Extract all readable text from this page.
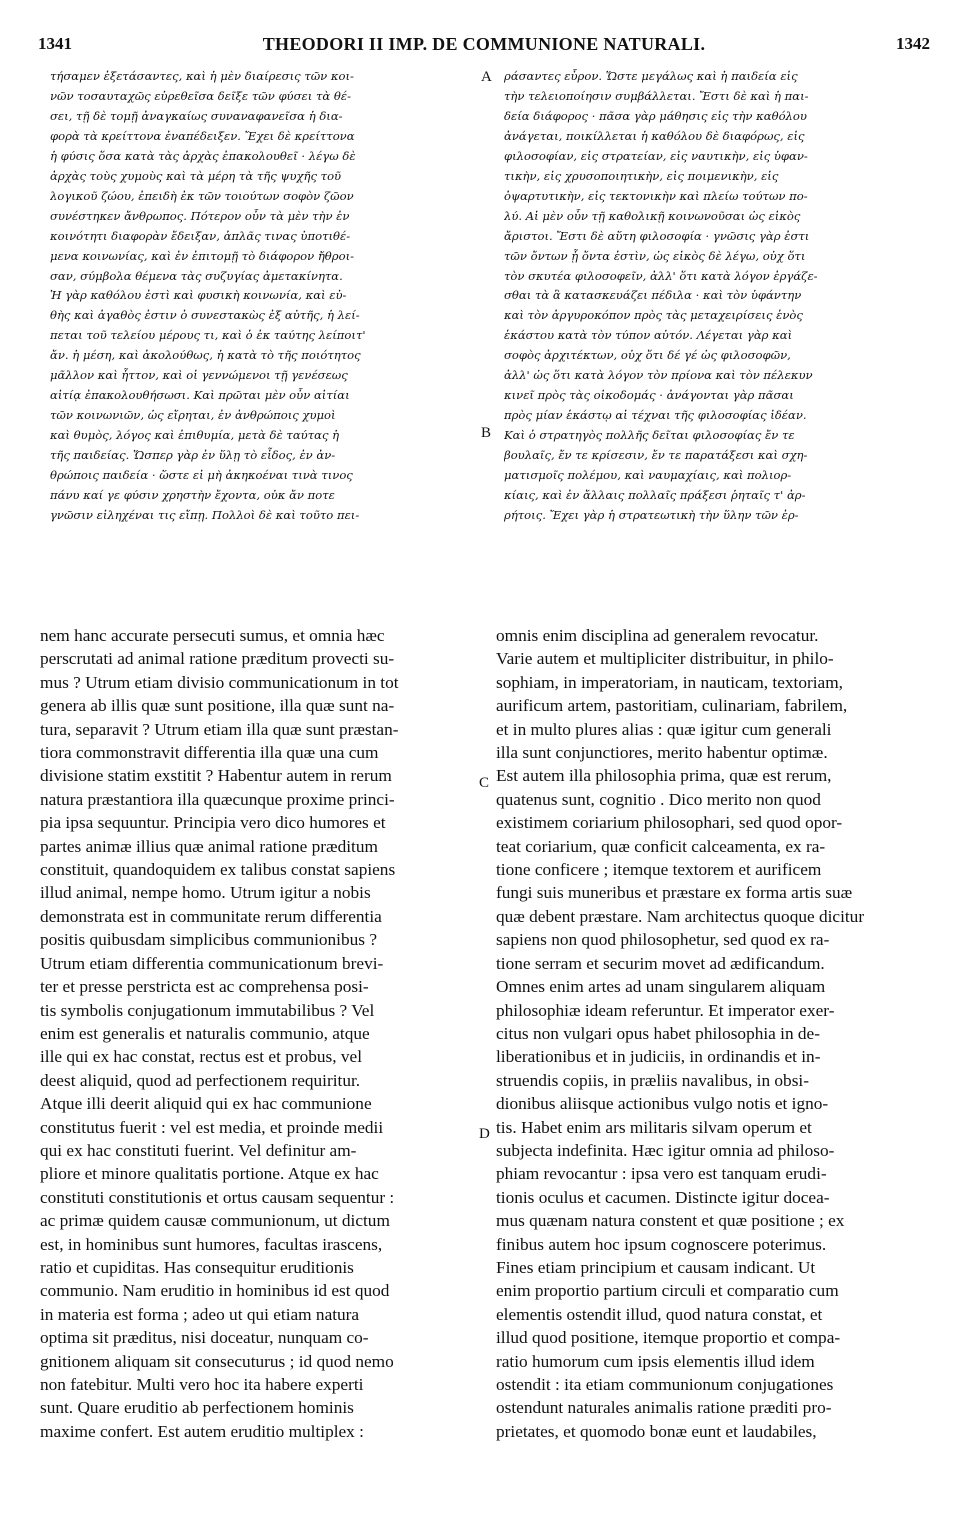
1341	THEODORI II IMP. DE COMMUNIONE NATURALI.	1342
τήσαμεν ἐξετάσαντες, καὶ ἡ μὲν διαίρεσις τῶν κοι-
νῶν τοσαυταχῶς εὑρεθεῖσα δεῖξε τῶν φύσει τὰ θέ-
σει, τῇ δὲ τομῇ ἀναγκαίως συναναφανεῖσα ἡ δια-
φορὰ τὰ κρείττονα ἐναπέδειξεν. Ἔχει δὲ κρείττονα
ἡ φύσις ὅσα κατὰ τὰς ἀρχὰς ἐπακολουθεῖ · λέγω δὲ
ἀρχὰς τοὺς χυμοὺς καὶ τὰ μέρη τὰ τῆς ψυχῆς τοῦ
λογικοῦ ζώου, ἐπειδὴ ἐκ τῶν τοιούτων σοφὸν ζῶον
συνέστηκεν ἄνθρωπος. Πότερον οὖν τὰ μὲν τὴν ἐν
κοινότητι διαφορὰν ἔδειξαν, ἁπλᾶς τινας ὑποτιθέ-
μενα κοινωνίας, καὶ ἐν ἐπιτομῇ τὸ διάφορον ἤθροι-
σαν, σύμβολα θέμενα τὰς συζυγίας ἀμετακίνητα.
Ἡ γὰρ καθόλου ἐστὶ καὶ φυσικὴ κοινωνία, καὶ εὐ-
θὴς καὶ ἀγαθὸς ἐστιν ὁ συνεστακὼς ἐξ αὐτῆς, ἡ λεί-
πεται τοῦ τελείου μέρους τι, καὶ ὁ ἐκ ταύτης λείποιτ'
ἄν. ἡ μέση, καὶ ἀκολούθως, ἡ κατὰ τὸ τῆς ποιότητος
μᾶλλον καὶ ἧττον, καὶ οἱ γεννώμενοι τῇ γενέσεως
αἰτίᾳ ἐπακολουθήσωσι. Καὶ πρῶται μὲν οὖν αἰτίαι
τῶν κοινωνιῶν, ὡς εἴρηται, ἐν ἀνθρώποις χυμοὶ
καὶ θυμὸς, λόγος καὶ ἐπιθυμία, μετὰ δὲ ταύτας ἡ
τῆς παιδείας. Ὥσπερ γὰρ ἐν ὕλῃ τὸ εἶδος, ἐν ἀν-
θρώποις παιδεία · ὥστε εἰ μὴ ἀκηκοέναι τινὰ τινος
πάνυ καί γε φύσιν χρηστὴν ἔχοντα, οὐκ ἄν ποτε
γνῶσιν εἰληχέναι τις εἴπῃ. Πολλοὶ δὲ καὶ τοῦτο πει-
ράσαντες εὗρον. Ὥστε μεγάλως καὶ ἡ παιδεία εἰς
τὴν τελειοποίησιν συμβάλλεται. Ἔστι δὲ καὶ ἡ παι-
δεία διάφορος · πᾶσα γὰρ μάθησις εἰς τὴν καθόλου
ἀνάγεται, ποικίλλεται ἡ καθόλου δὲ διαφόρως, εἰς
φιλοσοφίαν, εἰς στρατείαν, εἰς ναυτικὴν, εἰς ὑφαν-
τικὴν, εἰς χρυσοποιητικὴν, εἰς ποιμενικὴν, εἰς
ὀψαρτυτικὴν, εἰς τεκτονικὴν καὶ πλείω τούτων πο-
λύ. Αἱ μὲν οὖν τῇ καθολικῇ κοινωνοῦσαι ὡς εἰκὸς
ἄριστοι. Ἔστι δὲ αὕτη φιλοσοφία · γνῶσις γὰρ ἐστι
τῶν ὄντων ᾗ ὄντα ἐστὶν, ὡς εἰκὸς δὲ λέγω, οὐχ ὅτι
τὸν σκυτέα φιλοσοφεῖν, ἀλλ' ὅτι κατὰ λόγον ἐργάζε-
σθαι τὰ ἃ κατασκευάζει πέδιλα · καὶ τὸν ὑφάντην
καὶ τὸν ἀργυροκόπον πρὸς τὰς μεταχειρίσεις ἑνὸς
ἑκάστου κατὰ τὸν τύπον αὐτόν. Λέγεται γὰρ καὶ
σοφὸς ἀρχιτέκτων, οὐχ ὅτι δέ γέ ὡς φιλοσοφῶν,
ἀλλ' ὡς ὅτι κατὰ λόγον τὸν πρίονα καὶ τὸν πέλεκυν
κινεῖ πρὸς τὰς οἰκοδομάς · ἀνάγονται γὰρ πᾶσαι
πρὸς μίαν ἑκάστῳ αἱ τέχναι τῆς φιλοσοφίας ἰδέαν.
Καὶ ὁ στρατηγὸς πολλῆς δεῖται φιλοσοφίας ἔν τε
βουλαῖς, ἔν τε κρίσεσιν, ἔν τε παρατάξεσι καὶ σχη-
ματισμοῖς πολέμου, καὶ ναυμαχίαις, καὶ πολιορ-
κίαις, καὶ ἐν ἄλλαις πολλαῖς πράξεσι ῥηταῖς τ' ἀρ-
ρήτοις. Ἔχει γὰρ ἡ στρατεωτικὴ τὴν ὕλην τῶν ἐρ-
nem hanc accurate persecuti sumus, et omnia hæc
perscrutati ad animal ratione præditum provecti su-
mus ? Utrum etiam divisio communicationum in tot
genera ab illis quæ sunt positione, illa quæ sunt na-
tura, separavit ? Utrum etiam illa quæ sunt præstan-
tiora commonstravit differentia illa quæ una cum
divisione statim exstitit ? Habentur autem in rerum
natura præstantiora illa quæcunque proxime princi-
pia ipsa sequuntur. Principia vero dico humores et
partes animæ illius quæ animal ratione præditum
constituit, quandoquidem ex talibus constat sapiens
illud animal, nempe homo. Utrum igitur a nobis
demonstrata est in communitate rerum differentia
positis quibusdam simplicibus communionibus ?
Utrum etiam differentia communicationum brevi-
ter et presse perstricta est ac comprehensa posi-
tis symbolis conjugationum immutabilibus ? Vel
enim est generalis et naturalis communio, atque
ille qui ex hac constat, rectus est et probus, vel
deest aliquid, quod ad perfectionem requiritur.
Atque illi deerit aliquid qui ex hac communione
constitutus fuerit : vel est media, et proinde medii
qui ex hac constituti fuerint. Vel definitur am-
pliore et minore qualitatis portione. Atque ex hac
constituti constitutionis et ortus causam sequentur :
ac primæ quidem causæ communionum, ut dictum
est, in hominibus sunt humores, facultas irascens,
ratio et cupiditas. Has consequitur eruditionis
communio. Nam eruditio in hominibus id est quod
in materia est forma ; adeo ut qui etiam natura
optima sit præditus, nisi doceatur, nunquam co-
gnitionem aliquam sit consecuturus ; id quod nemo
non fatebitur. Multi vero hoc ita habere experti
sunt. Quare eruditio ab perfectionem hominis
maxime confert. Est autem eruditio multiplex :
omnis enim disciplina ad generalem revocatur.
Varie autem et multipliciter distribuitur, in philo-
sophiam, in imperatoriam, in nauticam, textoriam,
aurificum artem, pastoritiam, culinariam, fabrilem,
et in multo plures alias : quæ igitur cum generali
illa sunt conjunctiores, merito habentur optimæ.
Est autem illa philosophia prima, quæ est rerum,
quatenus sunt, cognitio . Dico merito non quod
existimem coriarium philosophari, sed quod opor-
teat coriarium, quæ conficit calceamenta, ex ra-
tione conficere ; itemque textorem et aurificem
fungi suis muneribus et præstare ex forma artis suæ
quæ debent præstare. Nam architectus quoque dicitur
sapiens non quod philosophetur, sed quod ex ra-
tione serram et securim movet ad ædificandum.
Omnes enim artes ad unam singularem aliquam
philosophiæ ideam referuntur. Et imperator exer-
citus non vulgari opus habet philosophia in de-
liberationibus et in judiciis, in ordinandis et in-
struendis copiis, in præliis navalibus, in obsi-
dionibus aliisque actionibus vulgo notis et igno-
tis. Habet enim ars militaris silvam operum et
subjecta indefinita. Hæc igitur omnia ad philoso-
phiam revocantur : ipsa vero est tanquam erudi-
tionis oculus et cacumen. Distincte igitur doceа-
mus quænam natura constent et quæ positione ; ex
finibus autem hoc ipsum cognoscere poterimus.
Fines etiam principium et causam indicant. Ut
enim proportio partium circuli et comparatio cum
elementis ostendit illud, quod natura constat, et
illud quod positione, itemque proportio et compa-
ratio humorum cum ipsis elementis illud idem
ostendit : ita etiam communionum conjugationes
ostendunt naturales animalis ratione præditi pro-
prietates, et quomodo bonæ eunt et laudabiles,
A
B
C
D
